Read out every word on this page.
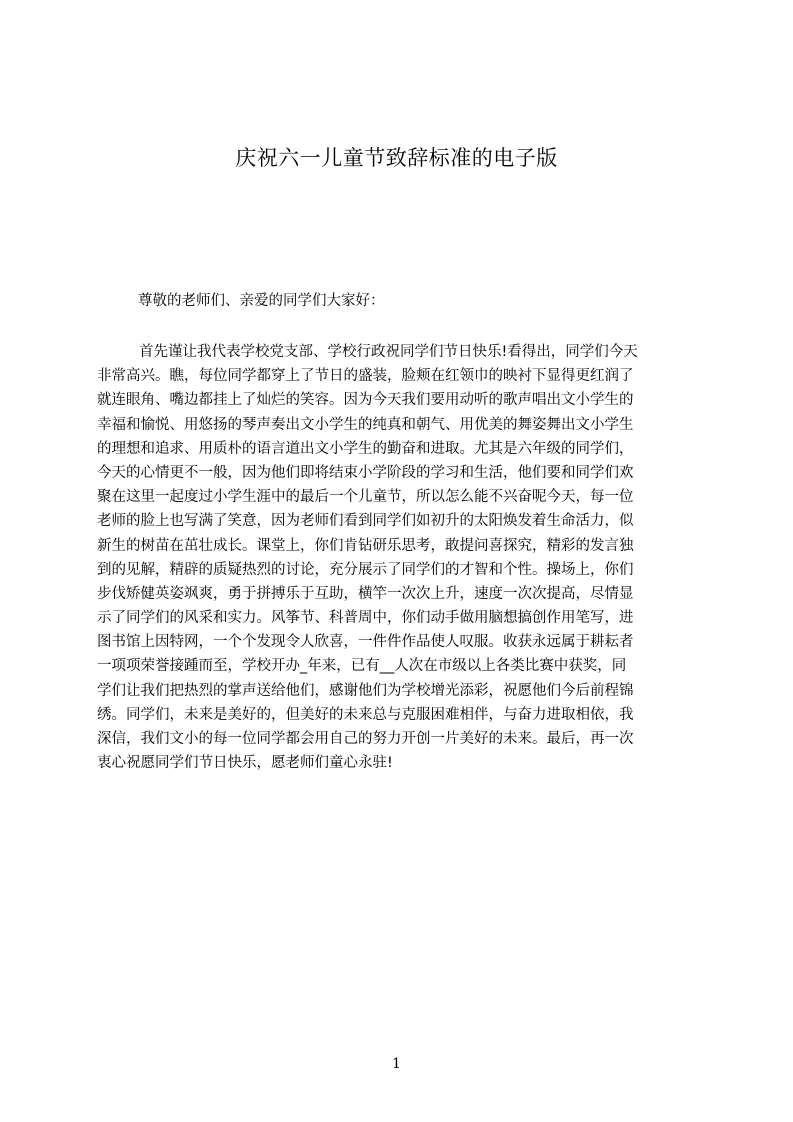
庆祝六一儿童节致辞标准的电子版

尊敬的老师们、亲爱的同学们大家好：

首先谨让我代表学校党支部、学校行政祝同学们节日快乐!看得出，同学们今天
非常高兴。瞧，每位同学都穿上了节日的盛装，脸颊在红领巾的映衬下显得更红润了
就连眼角、嘴边都挂上了灿烂的笑容。因为今天我们要用动听的歌声唱出文小学生的
幸福和愉悦、用悠扬的琴声奏出文小学生的纯真和朝气、用优美的舞姿舞出文小学生
的理想和追求、用质朴的语言道出文小学生的勤奋和进取。尤其是六年级的同学们，
今天的心情更不一般，因为他们即将结束小学阶段的学习和生活，他们要和同学们欢
聚在这里一起度过小学生涯中的最后一个儿童节，所以怎么能不兴奋呢今天，每一位
老师的脸上也写满了笑意，因为老师们看到同学们如初升的太阳焕发着生命活力，似
新生的树苗在茁壮成长。课堂上，你们肯钻研乐思考，敢提问喜探究，精彩的发言独
到的见解，精辟的质疑热烈的讨论，充分展示了同学们的才智和个性。操场上，你们
步伐矫健英姿飒爽，勇于拼搏乐于互助，横竿一次次上升，速度一次次提高，尽情显
示了同学们的风采和实力。风筝节、科普周中，你们动手做用脑想搞创作用笔写，进
图书馆上因特网，一个个发现令人欣喜，一件件作品使人叹服。收获永远属于耕耘者
一项项荣誉接踵而至，学校开办_年来，已有__人次在市级以上各类比赛中获奖，同
学们让我们把热烈的掌声送给他们，感谢他们为学校增光添彩，祝愿他们今后前程锦
绣。同学们，未来是美好的，但美好的未来总与克服困难相伴，与奋力进取相依，我
深信，我们文小的每一位同学都会用自己的努力开创一片美好的未来。最后，再一次
衷心祝愿同学们节日快乐，愿老师们童心永驻!

1
